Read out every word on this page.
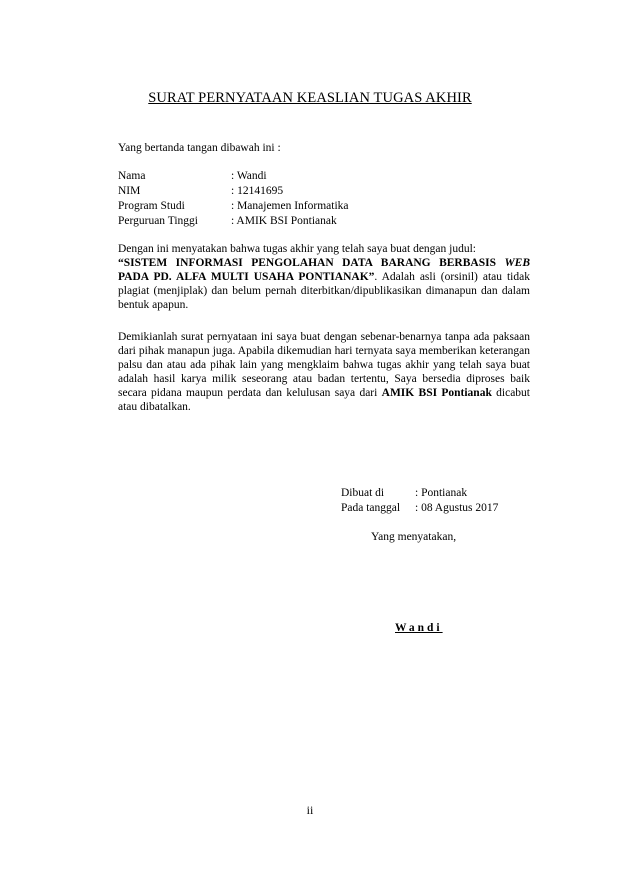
SURAT PERNYATAAN KEASLIAN TUGAS AKHIR
Yang bertanda tangan dibawah ini :
Nama	: Wandi
NIM	: 12141695
Program Studi	: Manajemen Informatika
Perguruan Tinggi	: AMIK BSI Pontianak
Dengan ini menyatakan bahwa tugas akhir yang telah saya buat dengan judul:
“SISTEM INFORMASI PENGOLAHAN DATA BARANG BERBASIS WEB PADA PD. ALFA MULTI USAHA PONTIANAK”. Adalah asli (orsinil) atau tidak plagiat (menjiplak) dan belum pernah diterbitkan/dipublikasikan dimanapun dan dalam bentuk apapun.
Demikianlah surat pernyataan ini saya buat dengan sebenar-benarnya tanpa ada paksaan dari pihak manapun juga. Apabila dikemudian hari ternyata saya memberikan keterangan palsu dan atau ada pihak lain yang mengklaim bahwa tugas akhir yang telah saya buat adalah hasil karya milik seseorang atau badan tertentu, Saya bersedia diproses baik secara pidana maupun perdata dan kelulusan saya dari AMIK BSI Pontianak dicabut atau dibatalkan.
Dibuat di	: Pontianak
Pada tanggal : 08 Agustus 2017
Yang menyatakan,
Wandi
ii
